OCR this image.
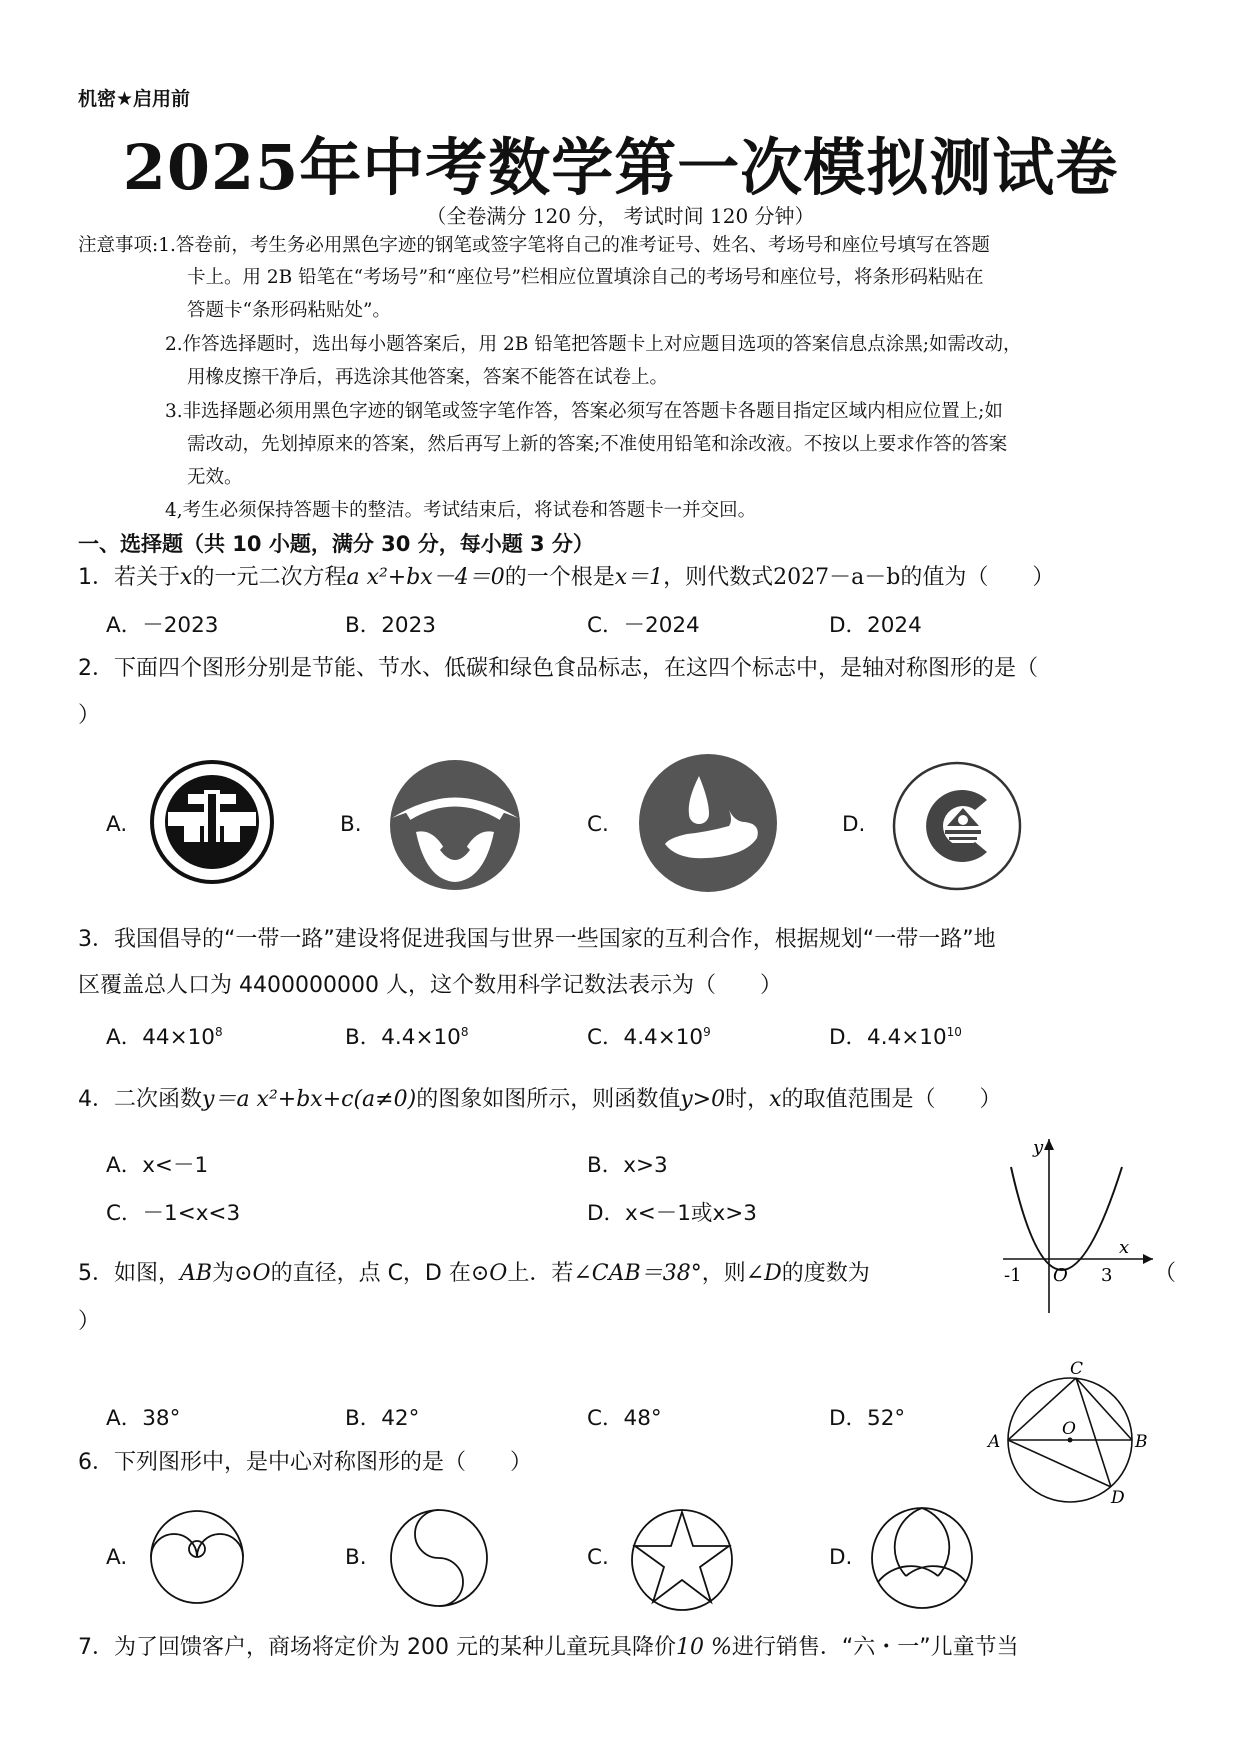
机密★启用前
2025年中考数学第一次模拟测试卷
（全卷满分 120 分， 考试时间 120 分钟）
注意事项:1.答卷前，考生务必用黑色字迹的钢笔或签字笔将自己的准考证号、姓名、考场号和座位号填写在答题
卡上。用 2B 铅笔在“考场号”和“座位号”栏相应位置填涂自己的考场号和座位号，将条形码粘贴在
答题卡“条形码粘贴处”。
2.作答选择题时，选出每小题答案后，用 2B 铅笔把答题卡上对应题目选项的答案信息点涂黑;如需改动，
用橡皮擦干净后，再选涂其他答案，答案不能答在试卷上。
3.非选择题必须用黑色字迹的钢笔或签字笔作答，答案必须写在答题卡各题目指定区域内相应位置上;如
需改动，先划掉原来的答案，然后再写上新的答案;不准使用铅笔和涂改液。不按以上要求作答的答案
无效。
4,考生必须保持答题卡的整洁。考试结束后，将试卷和答题卡一并交回。
一、选择题（共 10 小题，满分 30 分，每小题 3 分）
1．若关于x的一元二次方程a x²+bx－4＝0的一个根是x＝1，则代数式2027－a－b的值为（　　）
A．－2023	B．2023	C．－2024	D．2024
2．下面四个图形分别是节能、节水、低碳和绿色食品标志，在这四个标志中，是轴对称图形的是（
）
A.	B.	C.	D.
3．我国倡导的“一带一路”建设将促进我国与世界一些国家的互利合作，根据规划“一带一路”地
区覆盖总人口为 4400000000 人，这个数用科学记数法表示为（　　）
A．$44\times 10^8$	B．$4.4\times 10^8$	C．$4.4\times 10^9$	D．$4.4\times 10^{10}$
4．二次函数y＝a x²+bx+c(a≠0)的图象如图所示，则函数值y>0时，x的取值范围是（　　）
A．x<－1	B．x>3
C．－1<x<3	D．x<－1或x>3
y
x
-1 O 3
5．如图，AB为⊙O的直径，点 C，D 在⊙O上．若∠CAB＝38°，则∠D的度数为	（
）
A．38°	B．42°	C．48°	D．52°
C
A	B
O
D
6．下列图形中，是中心对称图形的是（　　）
A.	B.	C.	D.
7．为了回馈客户，商场将定价为 200 元的某种儿童玩具降价10 %进行销售．“六・一”儿童节当
